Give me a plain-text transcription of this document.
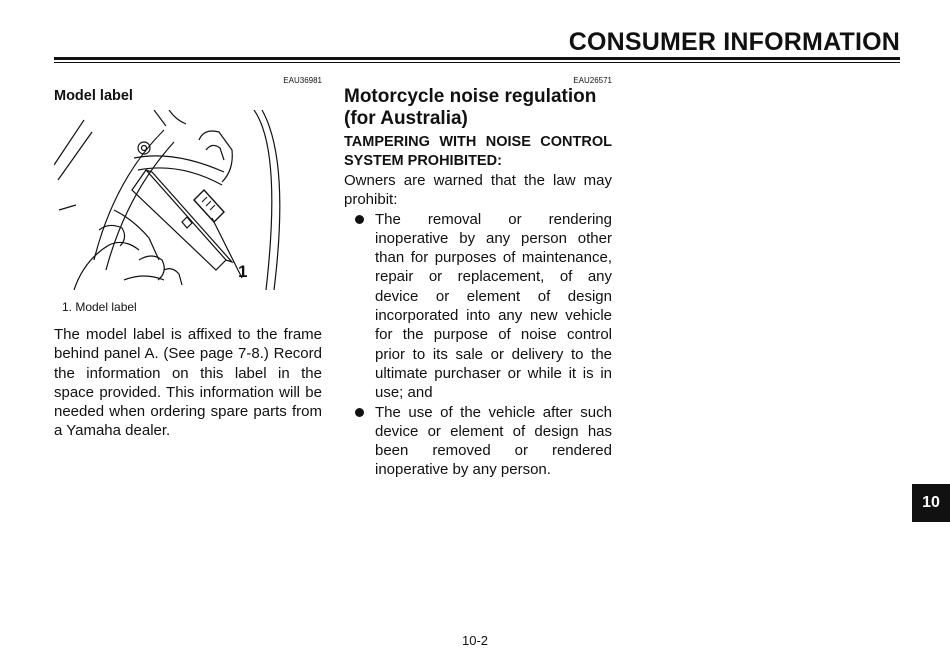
CONSUMER INFORMATION
EAU36981	EAU26571
Model label
1
1. Model label

The model label is affixed to the frame behind panel A. (See page 7-8.) Record the information on this label in the space provided. This information will be needed when ordering spare parts from a Yamaha dealer.

Motorcycle noise regulation (for Australia)
TAMPERING WITH NOISE CONTROL SYSTEM PROHIBITED:

Owners are warned that the law may prohibit:

The removal or rendering inoperative by any person other than for purposes of maintenance, repair or replacement, of any device or element of design incorporated into any new vehicle for the purpose of noise control prior to its sale or delivery to the ultimate purchaser or while it is in use; and
The use of the vehicle after such device or element of design has been removed or rendered inoperative by any person.
10
10-2
